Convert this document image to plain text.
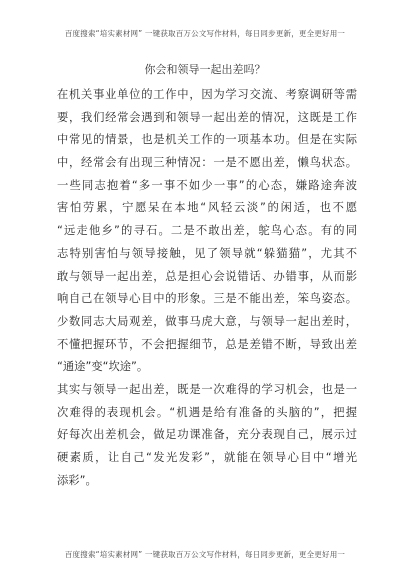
百度搜索“培实素材网” 一键获取百万公文写作材料，每日同步更新，更全更好用一
你会和领导一起出差吗？
在机关事业单位的工作中，因为学习交流、考察调研等需
要，我们经常会遇到和领导一起出差的情况，这既是工作
中常见的情景，也是机关工作的一项基本功。但是在实际
中，经常会有出现三种情况：一是不愿出差，懒鸟状态。
一些同志抱着“多一事不如少一事”的心态，嫌路途奔波
害怕劳累，宁愿呆在本地“风轻云淡”的闲适，也不愿
“远走他乡”的寻石。二是不敢出差，鸵鸟心态。有的同
志特别害怕与领导接触，见了领导就“躲猫猫”，尤其不
敢与领导一起出差，总是担心会说错话、办错事，从而影
响自己在领导心目中的形象。三是不能出差，笨鸟姿态。
少数同志大局观差，做事马虎大意，与领导一起出差时，
不懂把握环节，不会把握细节，总是差错不断，导致出差
“通途”变“坎途”。
其实与领导一起出差，既是一次难得的学习机会，也是一
次难得的表现机会。“机遇是给有准备的头脑的”，把握
好每次出差机会，做足功课准备，充分表现自己，展示过
硬素质，让自己“发光发彩”，就能在领导心目中“增光
添彩”。
百度搜索“培实素材网” 一键获取百万公文写作材料，每日同步更新，更全更好用一
